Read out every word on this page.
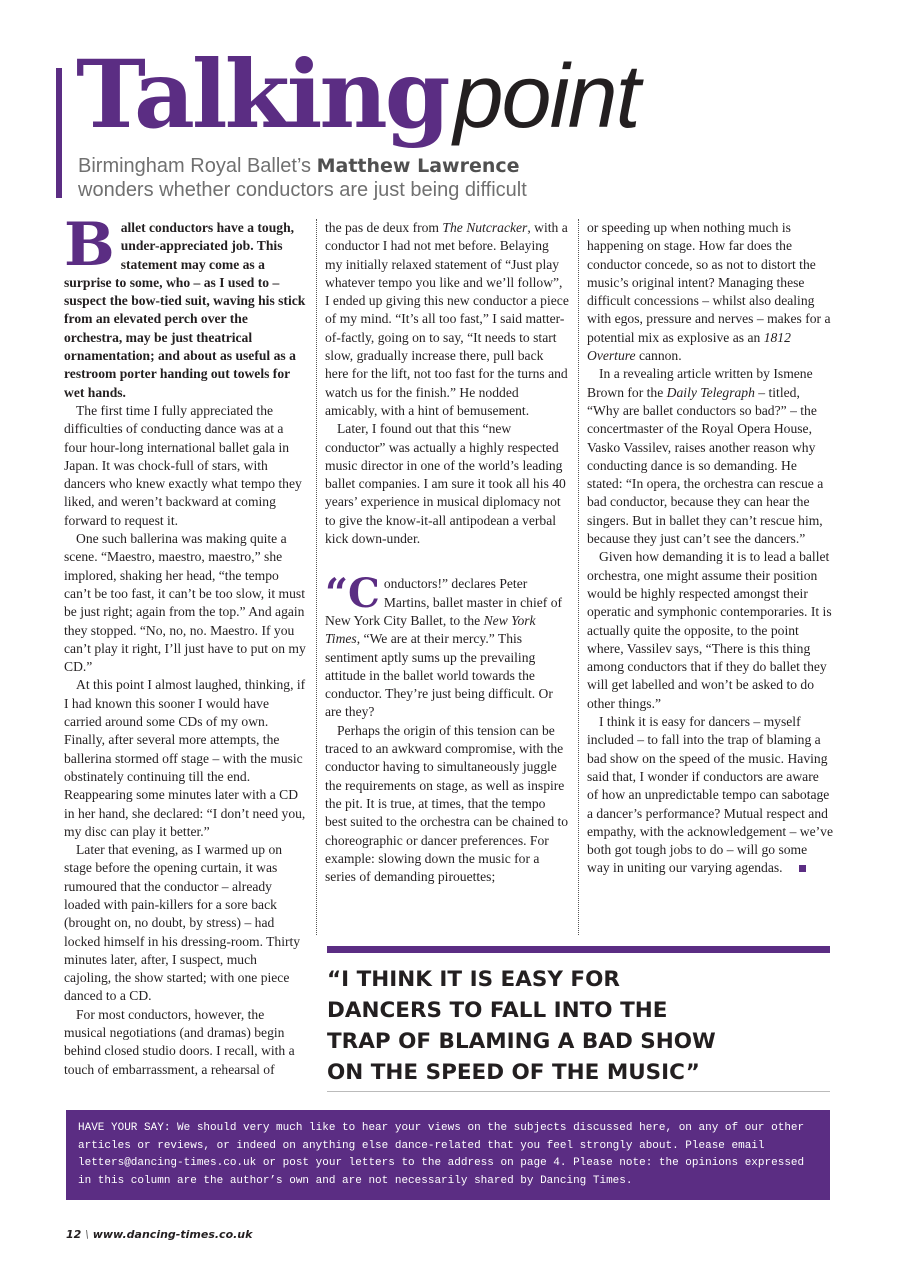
Talkingpoint
Birmingham Royal Ballet’s Matthew Lawrence
wonders whether conductors are just being difficult

Ballet conductors have a tough, under-appreciated job. This statement may come as a surprise to some, who – as I used to – suspect the bow-tied suit, waving his stick from an elevated perch over the orchestra, may be just theatrical ornamentation; and about as useful as a restroom porter handing out towels for wet hands.

The first time I fully appreciated the difficulties of conducting dance was at a four hour-long international ballet gala in Japan. It was chock-full of stars, with dancers who knew exactly what tempo they liked, and weren’t backward at coming forward to request it.

One such ballerina was making quite a scene. “Maestro, maestro, maestro,” she implored, shaking her head, “the tempo can’t be too fast, it can’t be too slow, it must be just right; again from the top.” And again they stopped. “No, no, no. Maestro. If you can’t play it right, I’ll just have to put on my CD.”

At this point I almost laughed, thinking, if I had known this sooner I would have carried around some CDs of my own. Finally, after several more attempts, the ballerina stormed off stage – with the music obstinately continuing till the end. Reappearing some minutes later with a CD in her hand, she declared: “I don’t need you, my disc can play it better.”

Later that evening, as I warmed up on stage before the opening curtain, it was rumoured that the conductor – already loaded with pain-killers for a sore back (brought on, no doubt, by stress) – had locked himself in his dressing-room. Thirty minutes later, after, I suspect, much cajoling, the show started; with one piece danced to a CD.

For most conductors, however, the musical negotiations (and dramas) begin behind closed studio doors. I recall, with a touch of embarrassment, a rehearsal of

the pas de deux from The Nutcracker, with a conductor I had not met before. Belaying my initially relaxed statement of “Just play whatever tempo you like and we’ll follow”, I ended up giving this new conductor a piece of my mind. “It’s all too fast,” I said matter-of-factly, going on to say, “It needs to start slow, gradually increase there, pull back here for the lift, not too fast for the turns and watch us for the finish.” He nodded amicably, with a hint of bemusement.

Later, I found out that this “new conductor” was actually a highly respected music director in one of the world’s leading ballet companies. I am sure it took all his 40 years’ experience in musical diplomacy not to give the know-it-all antipodean a verbal kick down-under.

“Conductors!” declares Peter Martins, ballet master in chief of New York City Ballet, to the New York Times, “We are at their mercy.” This sentiment aptly sums up the prevailing attitude in the ballet world towards the conductor. They’re just being difficult. Or are they?

Perhaps the origin of this tension can be traced to an awkward compromise, with the conductor having to simultaneously juggle the requirements on stage, as well as inspire the pit. It is true, at times, that the tempo best suited to the orchestra can be chained to choreographic or dancer preferences. For example: slowing down the music for a series of demanding pirouettes;

or speeding up when nothing much is happening on stage. How far does the conductor concede, so as not to distort the music’s original intent? Managing these difficult concessions – whilst also dealing with egos, pressure and nerves – makes for a potential mix as explosive as an 1812 Overture cannon.

In a revealing article written by Ismene Brown for the Daily Telegraph – titled, “Why are ballet conductors so bad?” – the concertmaster of the Royal Opera House, Vasko Vassilev, raises another reason why conducting dance is so demanding. He stated: “In opera, the orchestra can rescue a bad conductor, because they can hear the singers. But in ballet they can’t rescue him, because they just can’t see the dancers.”

Given how demanding it is to lead a ballet orchestra, one might assume their position would be highly respected amongst their operatic and symphonic contemporaries. It is actually quite the opposite, to the point where, Vassilev says, “There is this thing among conductors that if they do ballet they will get labelled and won’t be asked to do other things.”

I think it is easy for dancers – myself included – to fall into the trap of blaming a bad show on the speed of the music. Having said that, I wonder if conductors are aware of how an unpredictable tempo can sabotage a dancer’s performance? Mutual respect and empathy, with the acknowledgement – we’ve both got tough jobs to do – will go some way in uniting our varying agendas.

“I THINK IT IS EASY FOR
DANCERS TO FALL INTO THE
TRAP OF BLAMING A BAD SHOW
ON THE SPEED OF THE MUSIC”
HAVE YOUR SAY: We should very much like to hear your views on the subjects discussed here, on any of our other articles or reviews, or indeed on anything else dance-related that you feel strongly about. Please email letters@dancing-times.co.uk or post your letters to the address on page 4. Please note: the opinions expressed in this column are the author’s own and are not necessarily shared by Dancing Times.
12 \ www.dancing-times.co.uk
